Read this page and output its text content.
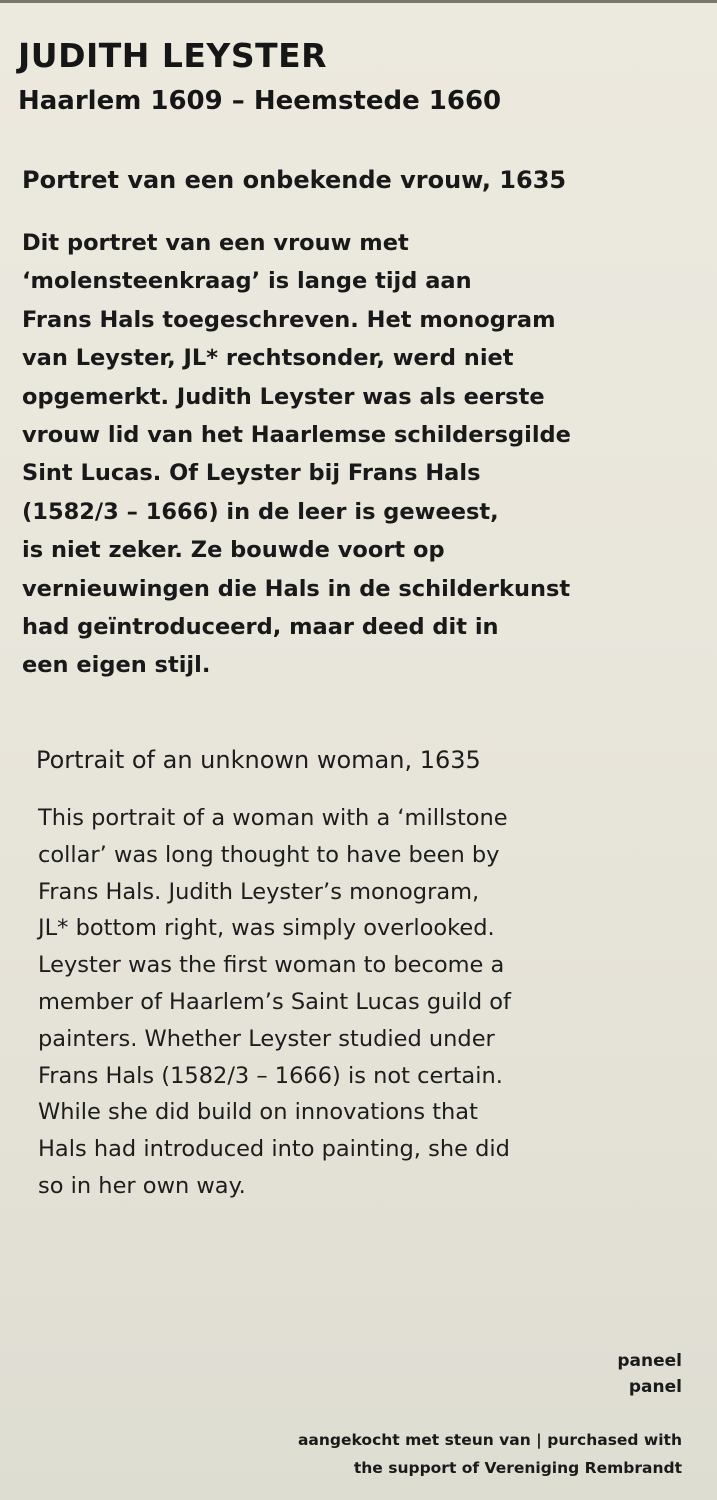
JUDITH LEYSTER
Haarlem 1609 – Heemstede 1660
Portret van een onbekende vrouw, 1635
Dit portret van een vrouw met
‘molensteenkraag’ is lange tijd aan
Frans Hals toegeschreven. Het monogram
van Leyster, JL* rechtsonder, werd niet
opgemerkt. Judith Leyster was als eerste
vrouw lid van het Haarlemse schildersgilde
Sint Lucas. Of Leyster bij Frans Hals
(1582/3 – 1666) in de leer is geweest,
is niet zeker. Ze bouwde voort op
vernieuwingen die Hals in de schilderkunst
had geïntroduceerd, maar deed dit in
een eigen stijl.
Portrait of an unknown woman, 1635
This portrait of a woman with a ‘millstone
collar’ was long thought to have been by
Frans Hals. Judith Leyster’s monogram,
JL* bottom right, was simply overlooked.
Leyster was the first woman to become a
member of Haarlem’s Saint Lucas guild of
painters. Whether Leyster studied under
Frans Hals (1582/3 – 1666) is not certain.
While she did build on innovations that
Hals had introduced into painting, she did
so in her own way.
paneel
panel
aangekocht met steun van | purchased with
the support of Vereniging Rembrandt
